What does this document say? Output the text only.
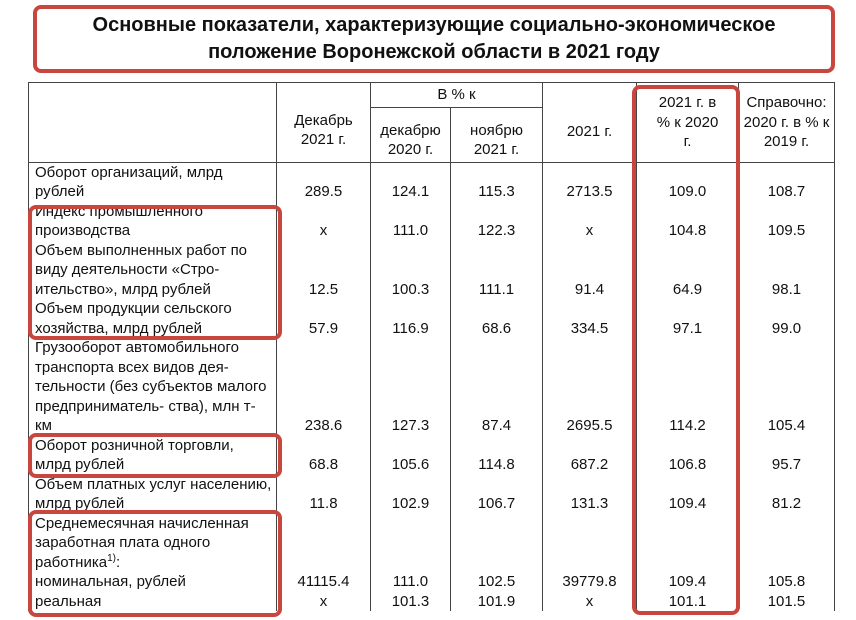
Основные показатели, характеризующие социально-экономическое
положение Воронежской области в 2021 году
	Декабрь 2021 г.	В % к		2021 г.	2021 г. в % к 2020 г.	Справочно: 2020 г. в % к 2019 г.
		декабрю 2020 г.	ноябрю 2021 г.			
Оборот организаций, млрд рублей	289.5	124.1	115.3	2713.5	109.0	108.7
Индекс промышленного производства	x	111.0	122.3	x	104.8	109.5
Объем выполненных работ по виду деятельности «Стро- ительство», млрд рублей	12.5	100.3	111.1	91.4	64.9	98.1
Объем продукции сельского хозяйства, млрд рублей	57.9	116.9	68.6	334.5	97.1	99.0
Грузооборот автомобильного транспорта всех видов дея- тельности (без субъектов малого предприниматель- ства), млн т-км	238.6	127.3	87.4	2695.5	114.2	105.4
Оборот розничной торговли, млрд рублей	68.8	105.6	114.8	687.2	106.8	95.7
Объем платных услуг населению, млрд рублей	11.8	102.9	106.7	131.3	109.4	81.2
Среднемесячная начисленная заработная плата одного работника$^{1)}$:						
номинальная, рублей	41115.4	111.0	102.5	39779.8	109.4	105.8
реальная	x	101.3	101.9	x	101.1	101.5
